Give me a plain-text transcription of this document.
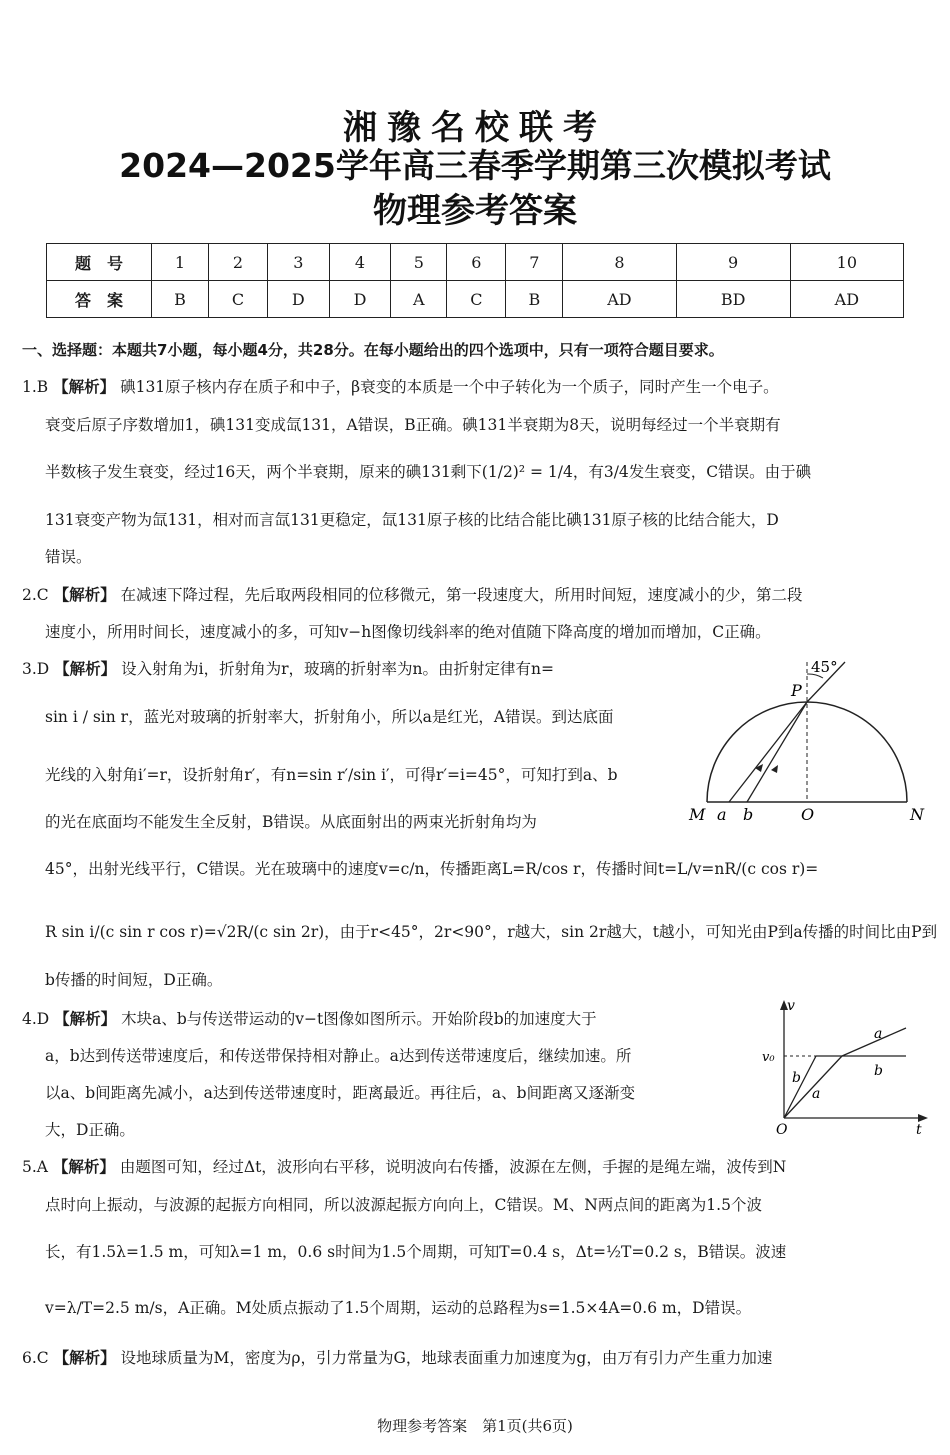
湘豫名校联考
2024—2025学年高三春季学期第三次模拟考试
物理参考答案
题　号	1	2	3	4	5	6	7	8	9	10
答　案	B	C	D	D	A	C	B	AD	BD	AD
一、选择题：本题共7小题，每小题4分，共28分。在每小题给出的四个选项中，只有一项符合题目要求。
1.B 【解析】 碘131原子核内存在质子和中子，β衰变的本质是一个中子转化为一个质子，同时产生一个电子。
衰变后原子序数增加1，碘131变成氙131，A错误，B正确。碘131半衰期为8天，说明每经过一个半衰期有
半数核子发生衰变，经过16天，两个半衰期，原来的碘131剩下(1/2)² = 1/4，有3/4发生衰变，C错误。由于碘
131衰变产物为氙131，相对而言氙131更稳定，氙131原子核的比结合能比碘131原子核的比结合能大，D
错误。
2.C 【解析】 在减速下降过程，先后取两段相同的位移微元，第一段速度大，所用时间短，速度减小的少，第二段
速度小，所用时间长，速度减小的多，可知v−h图像切线斜率的绝对值随下降高度的增加而增加，C正确。
3.D 【解析】 设入射角为i，折射角为r，玻璃的折射率为n。由折射定律有n=
sin i / sin r，蓝光对玻璃的折射率大，折射角小，所以a是红光，A错误。到达底面
光线的入射角i′=r，设折射角r′，有n=sin r′/sin i′，可得r′=i=45°，可知打到a、b
的光在底面均不能发生全反射，B错误。从底面射出的两束光折射角均为
45°，出射光线平行，C错误。光在玻璃中的速度v=c/n，传播距离L=R/cos r，传播时间t=L/v=nR/(c cos r)=
R sin i/(c sin r cos r)=√2R/(c sin 2r)，由于r<45°，2r<90°，r越大，sin 2r越大，t越小，可知光由P到a传播的时间比由P到
b传播的时间短，D正确。
45°
P
M a b	O	N
4.D 【解析】 木块a、b与传送带运动的v−t图像如图所示。开始阶段b的加速度大于
a，b达到传送带速度后，和传送带保持相对静止。a达到传送带速度后，继续加速。所
以a、b间距离先减小，a达到传送带速度时，距离最近。再往后，a、b间距离又逐渐变
大，D正确。
v
v₀
a
b	b
a
O	t
5.A 【解析】 由题图可知，经过Δt，波形向右平移，说明波向右传播，波源在左侧，手握的是绳左端，波传到N
点时向上振动，与波源的起振方向相同，所以波源起振方向向上，C错误。M、N两点间的距离为1.5个波
长，有1.5λ=1.5 m，可知λ=1 m，0.6 s时间为1.5个周期，可知T=0.4 s，Δt=½T=0.2 s，B错误。波速
v=λ/T=2.5 m/s，A正确。M处质点振动了1.5个周期，运动的总路程为s=1.5×4A=0.6 m，D错误。
6.C 【解析】 设地球质量为M，密度为ρ，引力常量为G，地球表面重力加速度为g，由万有引力产生重力加速
物理参考答案　第1页(共6页)
